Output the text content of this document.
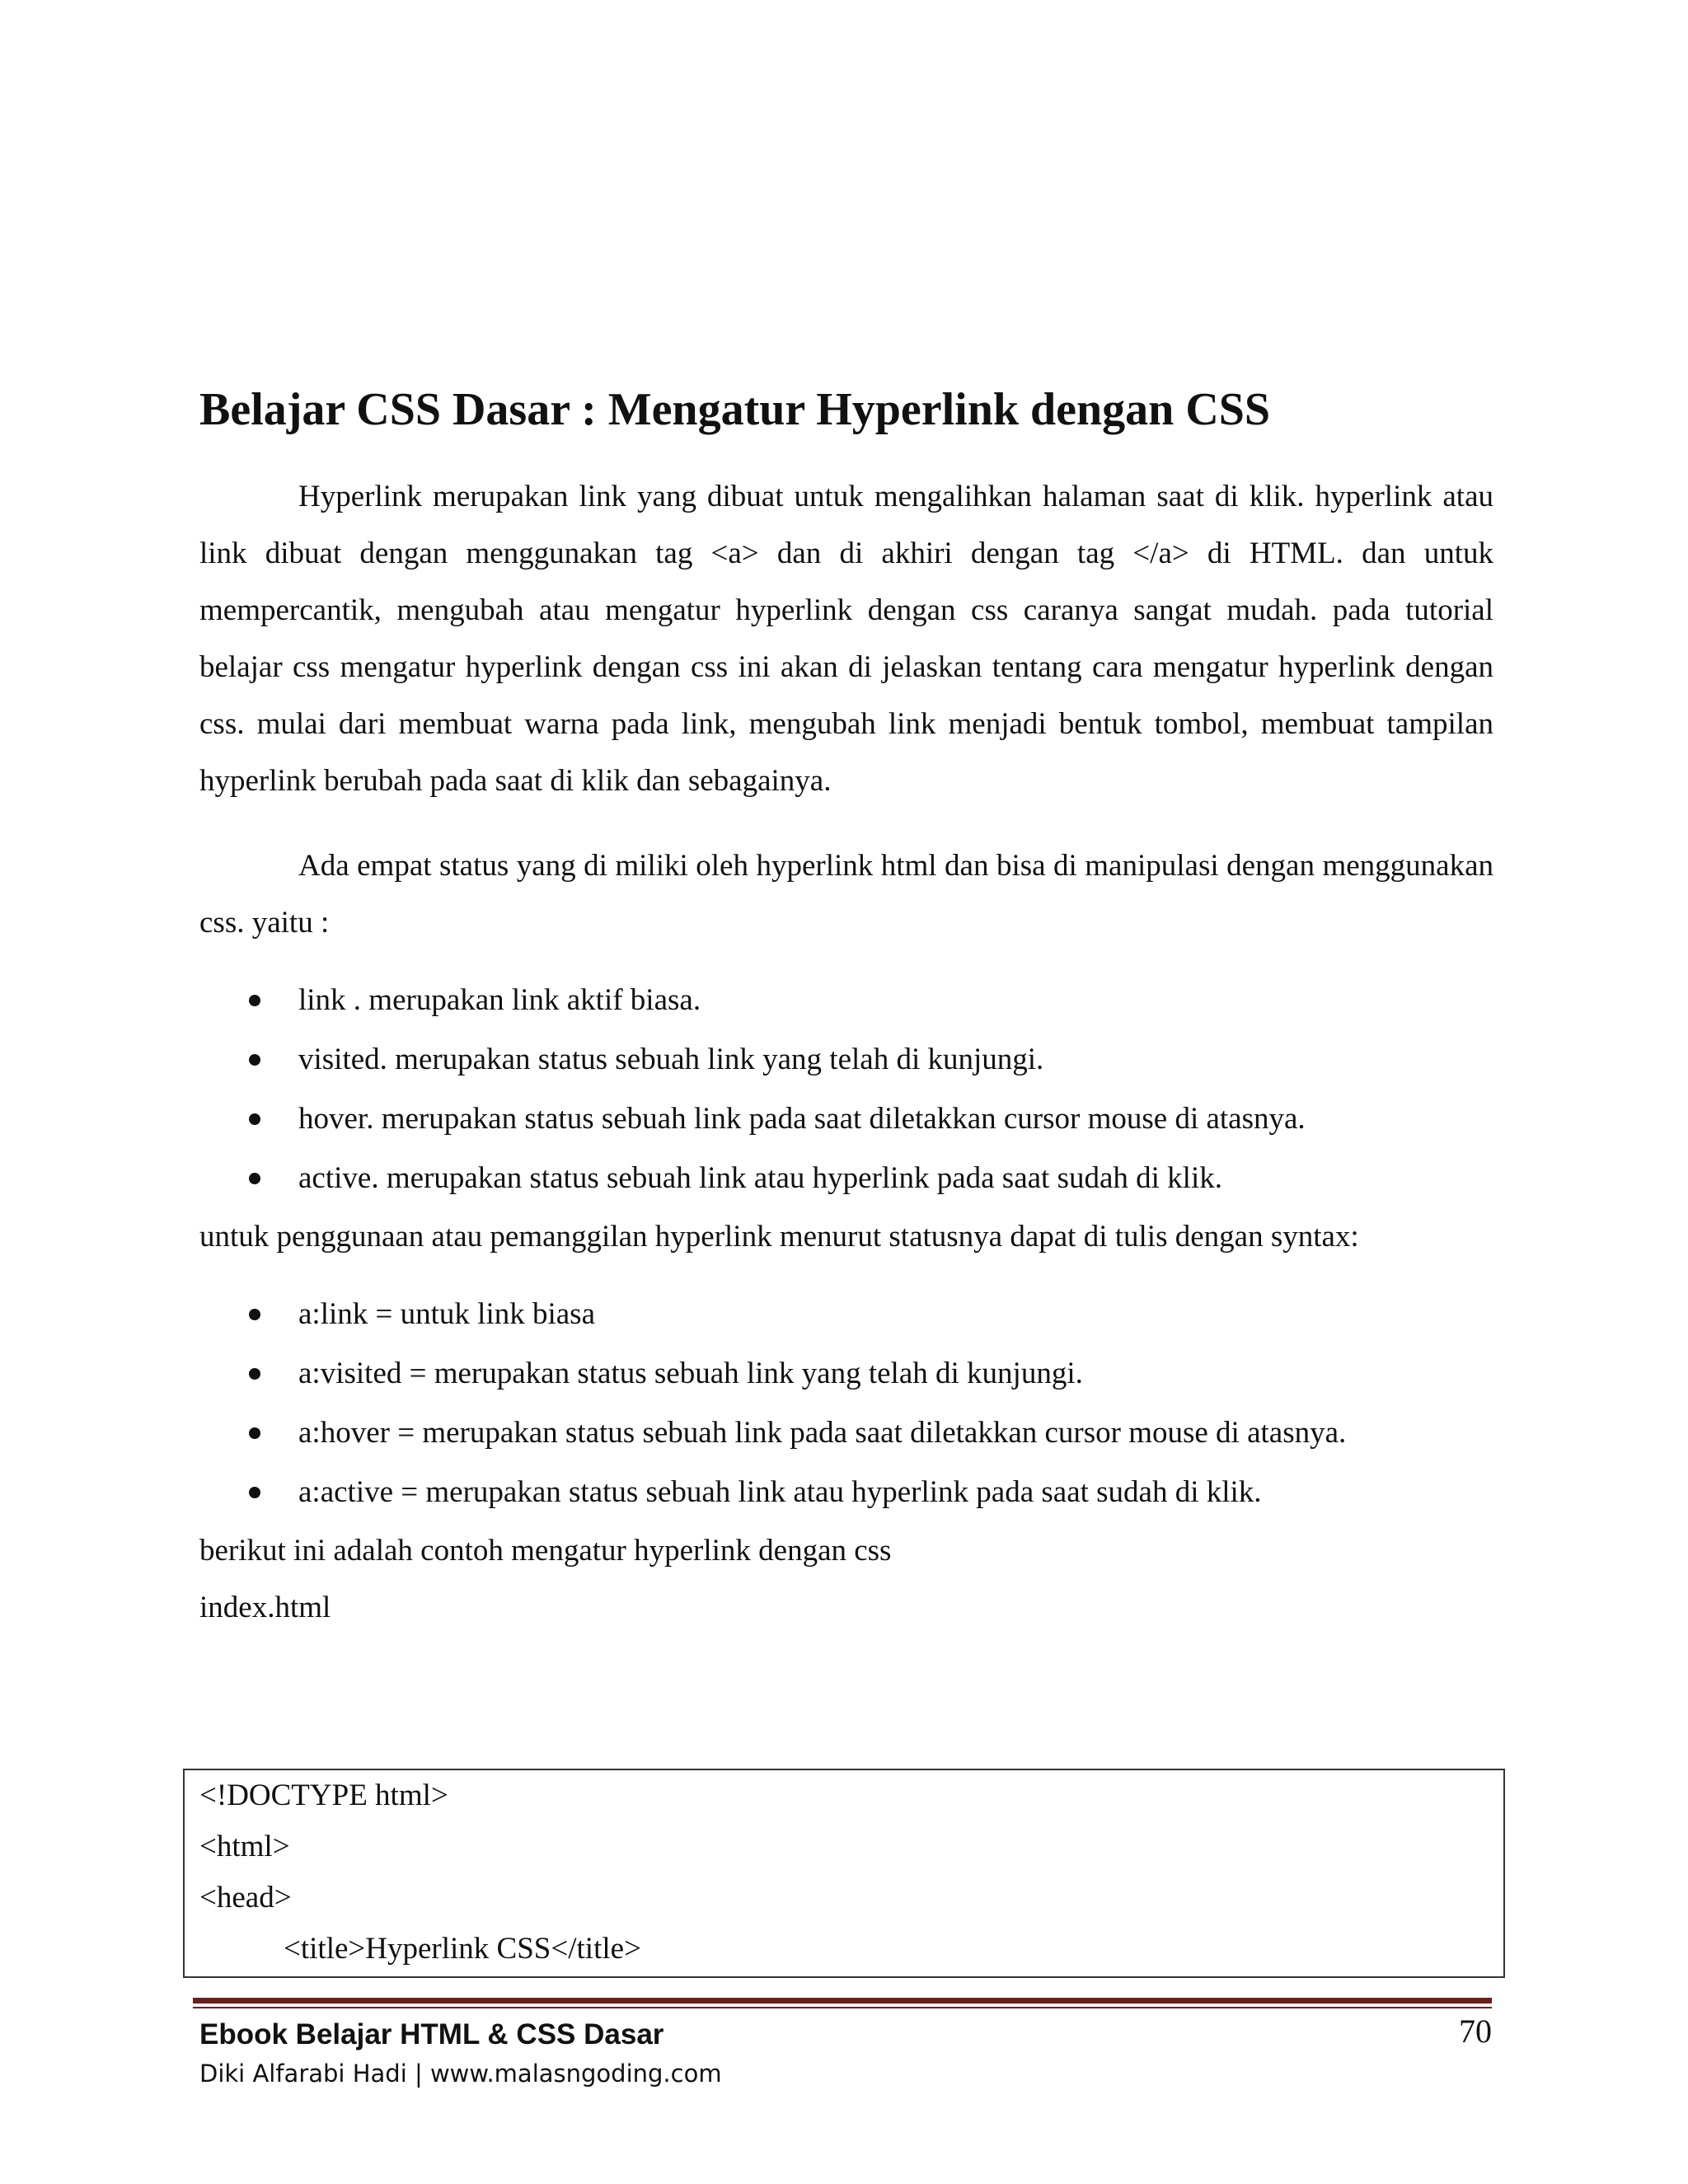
Belajar CSS Dasar : Mengatur Hyperlink dengan CSS

Hyperlink merupakan link yang dibuat untuk mengalihkan halaman saat di klik. hyperlink atau link dibuat dengan menggunakan tag <a> dan di akhiri dengan tag </a> di HTML. dan untuk mempercantik, mengubah atau mengatur hyperlink dengan css caranya sangat mudah. pada tutorial belajar css mengatur hyperlink dengan css ini akan di jelaskan tentang cara mengatur hyperlink dengan css. mulai dari membuat warna pada link, mengubah link menjadi bentuk tombol, membuat tampilan hyperlink berubah pada saat di klik dan sebagainya.

Ada empat status yang di miliki oleh hyperlink html dan bisa di manipulasi dengan menggunakan css. yaitu :

link . merupakan link aktif biasa.
visited. merupakan status sebuah link yang telah di kunjungi.
hover. merupakan status sebuah link pada saat diletakkan cursor mouse di atasnya.
active. merupakan status sebuah link atau hyperlink pada saat sudah di klik.

untuk penggunaan atau pemanggilan hyperlink menurut statusnya dapat di tulis dengan syntax:

a:link = untuk link biasa
a:visited = merupakan status sebuah link yang telah di kunjungi.
a:hover = merupakan status sebuah link pada saat diletakkan cursor mouse di atasnya.
a:active = merupakan status sebuah link atau hyperlink pada saat sudah di klik.

berikut ini adalah contoh mengatur hyperlink dengan css

index.html

<!DOCTYPE html>
<html>
<head>
<title>Hyperlink CSS</title>
Ebook Belajar HTML & CSS Dasar
Diki Alfarabi Hadi | www.malasngoding.com
70
